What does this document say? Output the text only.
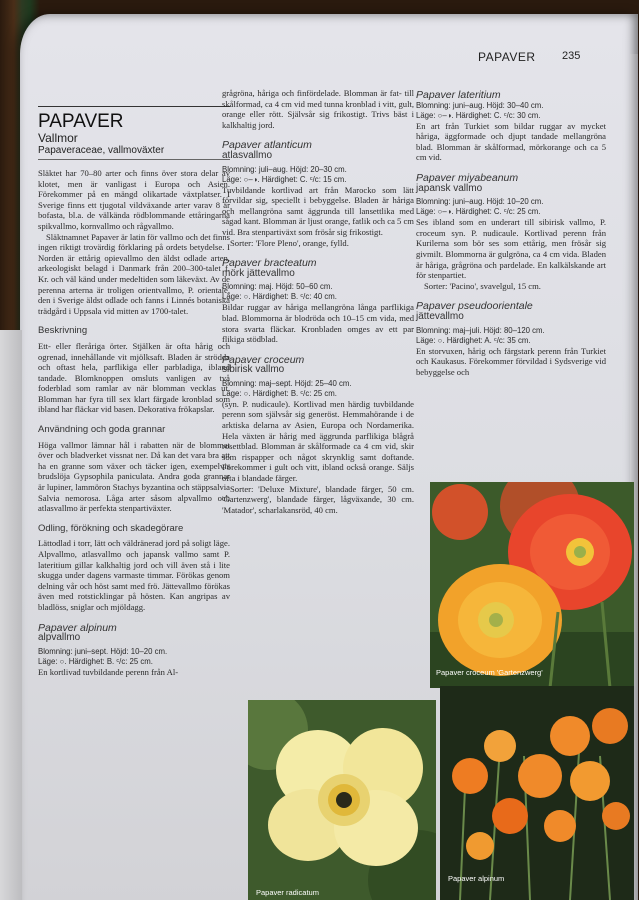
PAPAVER 235
PAPAVER
Vallmor
Papaveraceae, vallmoväxter

Släktet har 70–80 arter och finns över stora delar av klotet, men är vanligast i Europa och Asien. Förekommer på en mängd olikartade växtplatser. I Sverige finns ett tjugotal vildväxande arter varav 8 är bofasta, bl.a. de välkända rödblommande ettåringarna spikvallmo, kornvallmo och rågvallmo.

Släktnamnet Papaver är latin för vallmo och det finns ingen riktigt trovärdig förklaring på ordets betydelse. I Norden är ettårig opievallmo den äldst odlade arten, arkeologiskt belagd i Danmark från 200–300-talet f. Kr. och väl känd under medeltiden som läkeväxt. Av de perenna arterna är troligen orientvallmo, P. orientale, den i Sverige äldst odlade och fanns i Linnés botaniska trädgård i Uppsala vid mitten av 1700-talet.

Beskrivning

Ett- eller fleråriga örter. Stjälken är ofta hårig och ogrenad, innehållande vit mjölksaft. Bladen är strödda och oftast hela, parflikiga eller parbladiga, ibland tandade. Blomknoppen omsluts vanligen av två foderblad som ramlar av när blomman vecklas ut. Blomman har fyra till sex klart färgade kronblad som ibland har fläckar vid basen. Dekorativa frökapslar.

Användning och goda grannar

Höga vallmor lämnar hål i rabatten när de blommat över och bladverket vissnat ner. Då kan det vara bra att ha en granne som växer och täcker igen, exempelvis brudslöja Gypsophila paniculata. Andra goda grannar är lupiner, lammöron Stachys byzantina och stäppsalvia Salvia nemorosa. Låga arter såsom alpvallmo och atlasvallmo är perfekta stenpartiväxter.

Odling, förökning och skadegörare

Lättodlad i torr, lätt och väldränerad jord på soligt läge. Alpvallmo, atlasvallmo och japansk vallmo samt P. lateritium gillar kalkhaltig jord och vill även stå i lite skugga under dagens varmaste timmar. Förökas genom delning vår och höst samt med frö. Jättevallmo förökas även med rotsticklingar på hösten. Kan angripas av bladlöss, sniglar och mjöldagg.

Papaver alpinum
alpvallmo
Blomning: juni–sept. Höjd: 10–20 cm.
Läge: ○. Härdighet: B. ᶜ/c: 25 cm.

En kortlivad tuvbildande perenn från Al-

grågröna, håriga och finfördelade. Blomman är fat- till skålformad, ca 4 cm vid med tunna kronblad i vitt, gult, orange eller rött. Självsår sig frikostigt. Trivs bäst i kalkhaltig jord.

Papaver atlanticum
atlasvallmo
Blomning: juli–aug. Höjd: 20–30 cm.
Läge: ○–◑. Härdighet: C. ᶜ/c: 15 cm.

Tuvbildande kortlivad art från Marocko som lätt förvildar sig, speciellt i bebyggelse. Bladen är håriga och mellangröna samt äggrunda till lansettlika med sågad kant. Blomman är ljust orange, fatlik och ca 5 cm vid. Bra stenpartiväxt som frösår sig frikostigt.

Sorter: 'Flore Pleno', orange, fylld.

Papaver bracteatum
mörk jättevallmo
Blomning: maj. Höjd: 50–60 cm.
Läge: ○. Härdighet: B. ᶜ/c: 40 cm.

Bildar ruggar av håriga mellangröna långa parflikiga blad. Blommorna är blodröda och 10–15 cm vida, med stora svarta fläckar. Kronbladen omges av ett par flikiga stödblad.

Papaver croceum
sibirisk vallmo
Blomning: maj–sept. Höjd: 25–40 cm.
Läge: ○. Härdighet: B. ᶜ/c: 25 cm.

(syn. P. nudicaule). Kortlivad men härdig tuvbildande perenn som självsår sig generöst. Hemmahörande i de arktiska delarna av Asien, Europa och Nordamerika. Hela växten är hårig med äggrunda parflikiga blågrå rosettblad. Blomman är skålformade ca 4 cm vid, skir som rispapper och något skrynklig samt doftande. Förekommer i gult och vitt, ibland också orange. Säljs ofta i blandade färger.

Sorter: 'Deluxe Mixture', blandade färger, 50 cm. 'Gartenzwerg', blandade färger, lågväxande, 30 cm. 'Matador', scharlakansröd, 40 cm.

Papaver lateritium
Blomning: juni–aug. Höjd: 30–40 cm.
Läge: ○–◑. Härdighet: C. ᶜ/c: 30 cm.

En art från Turkiet som bildar ruggar av mycket håriga, äggformade och djupt tandade mellangröna blad. Blomman är skålformad, mörkorange och ca 5 cm vid.

Papaver miyabeanum
japansk vallmo
Blomning: juni–aug. Höjd: 10–20 cm.
Läge: ○–◑. Härdighet: C. ᶜ/c: 25 cm.

Ses ibland som en underart till sibirisk vallmo, P. croceum syn. P. nudicaule. Kortlivad perenn från Kurilerna som bör ses som ettårig, men frösår sig givmilt. Blommorna är gulgröna, ca 4 cm vida. Bladen är håriga, grågröna och pardelade. En kalkälskande art för stenpartiet.

Sorter: 'Pacino', svavelgul, 15 cm.

Papaver pseudoorientale
jättevallmo
Blomning: maj–juli. Höjd: 80–120 cm.
Läge: ○. Härdighet: A. ᶜ/c: 35 cm.

En storvuxen, hårig och färgstark perenn från Turkiet och Kaukasus. Förekommer förvildad i Sydsverige vid bebyggelse och

Papaver croceum 'Gartenzwerg'
Papaver radicatum
Papaver alpinum
